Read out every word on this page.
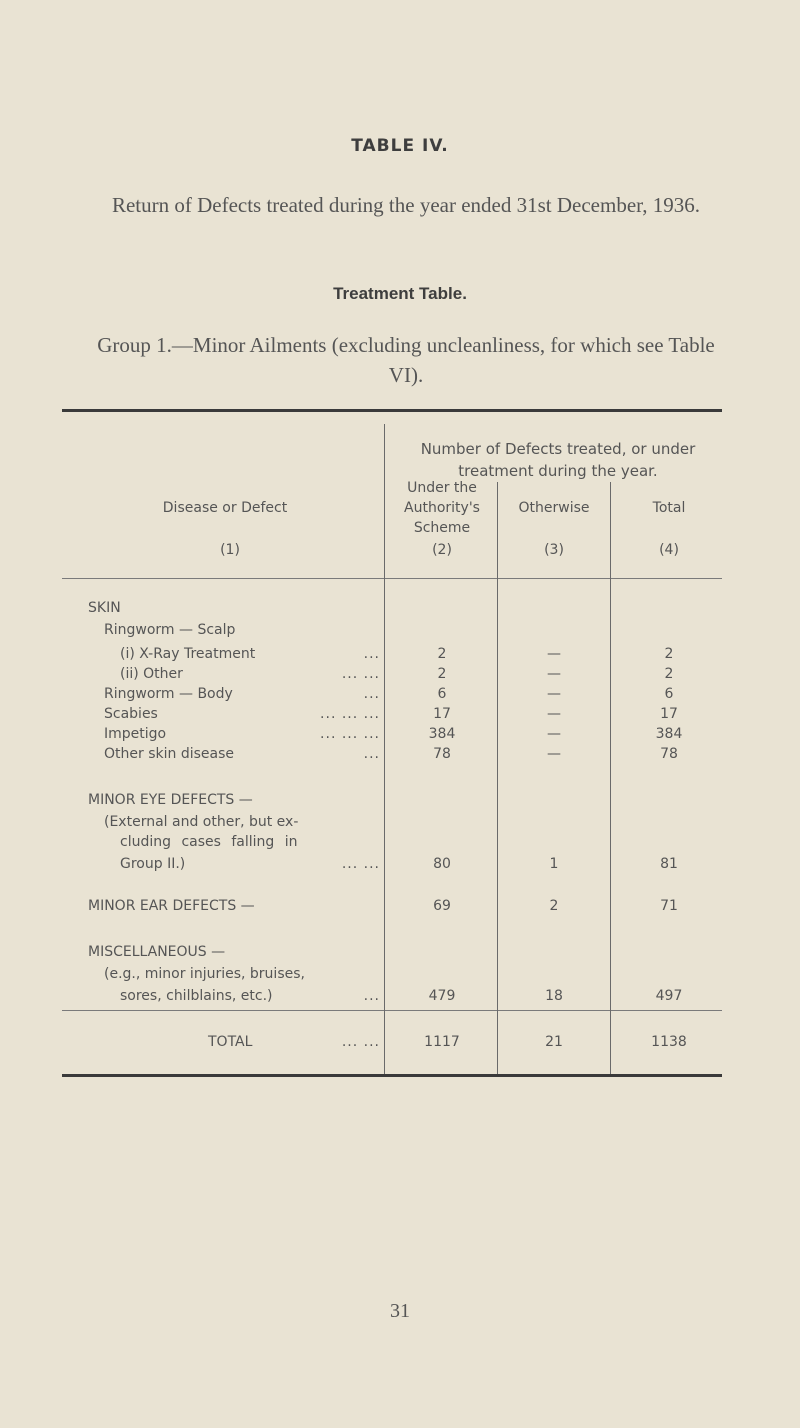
TABLE IV.
Return of Defects treated during the year ended 31st December, 1936.
Treatment Table.
Group 1.—Minor Ailments (excluding uncleanliness, for which see Table VI).
Disease or Defect
Number of Defects treated, or under treatment during the year.
Under the Authority's Scheme
Otherwise	Total
(1)	(2)	(3)	(4)
SKIN
Ringworm — Scalp
(i) X-Ray Treatment	...	2	—	2
(ii) Other	... ...	2	—	2
Ringworm — Body	...	6	—	6
Scabies	... ... ...	17	—	17
Impetigo	... ... ...	384	—	384
Other skin disease	...	78	—	78
MINOR EYE DEFECTS —
(External and other, but ex-
cluding cases falling in
Group II.)	... ...	80	1	81
MINOR EAR DEFECTS —	69	2	71
MISCELLANEOUS —
(e.g., minor injuries, bruises,
sores, chilblains, etc.)	...	479	18	497
TOTAL	... ...	1117	21	1138
31
